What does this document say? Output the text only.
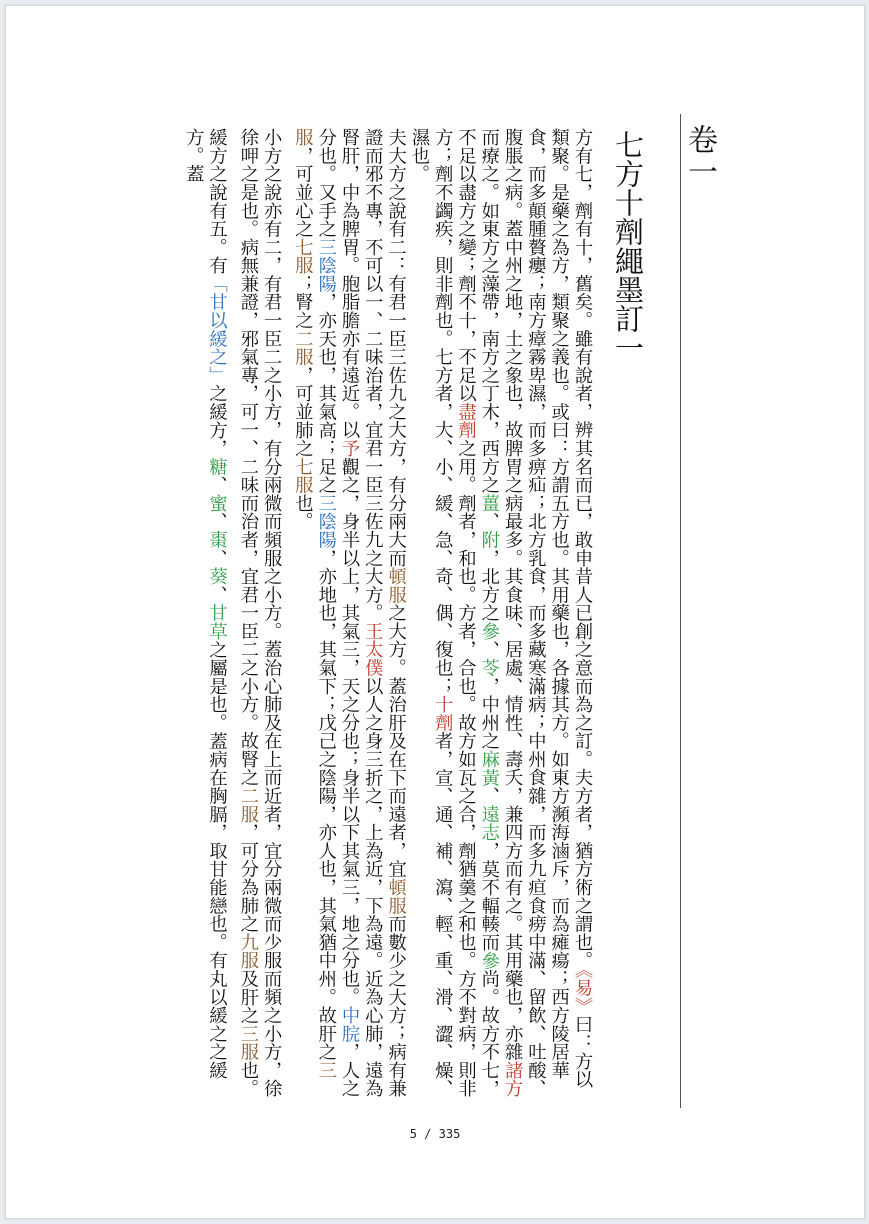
卷一
七方十劑繩墨訂一

方有七，劑有十，舊矣。雖有說者，辨其名而已，敢申昔人已創之意而為之訂。夫方者，猶方術之謂也。《易》曰：方以類聚。是藥之為方，類聚之義也。或曰：方謂五方也。其用藥也，各據其方。如東方瀕海滷斥，而為瘫瘍；西方陵居華食，而多顛腫贅癭；南方瘴霧卑濕，而多痹疝；北方乳食，而多藏寒滿病；中州食雜，而多九疸食痨中滿、留飲、吐酸、腹脹之病。蓋中州之地，土之象也，故脾胃之病最多。其食味、居處、情性、壽夭，兼四方而有之。其用藥也，亦雜諸方而療之。如東方之藻帶，南方之丁木，西方之薑、附，北方之參、苓，中州之麻黃、遠志，莫不輻輳而參尚。故方不七，不足以盡方之變；劑不十，不足以盡劑之用。劑者，和也。方者，合也。故方如瓦之合，劑猶羹之和也。方不對病，則非方；劑不蠲疾，則非劑也。七方者，大、小、緩、急、奇、偶、復也；十劑者，宣、通、補、瀉、輕、重、滑、澀、燥、濕也。

夫大方之說有二：有君一臣三佐九之大方，有分兩大而頓服之大方。蓋治肝及在下而遠者，宜頓服而數少之大方；病有兼證而邪不專，不可以一、二味治者，宜君一臣三佐九之大方。王太僕以人之身三折之，上為近，下為遠。近為心肺，遠為腎肝，中為脾胃。胞脂膽亦有遠近。以予觀之，身半以上，其氣三，天之分也；身半以下其氣三，地之分也。中脘，人之分也。又手之三陰陽，亦天也，其氣高；足之三陰陽，亦地也，其氣下；戊己之陰陽，亦人也，其氣猶中州。故肝之三服，可並心之七服；腎之二服，可並肺之七服也。

小方之說亦有二，有君一臣二之小方，有分兩微而頻服之小方。蓋治心肺及在上而近者，宜分兩微而少服而頻之小方，徐徐呷之是也。病無兼證，邪氣專，可一、二味而治者，宜君一臣二之小方。故腎之二服，可分為肺之九服及肝之三服也。

緩方之說有五。有「甘以緩之」之緩方，糖、蜜、棗、葵、甘草之屬是也。蓋病在胸膈，取甘能戀也。有丸以緩之之緩方。蓋

5 / 335
